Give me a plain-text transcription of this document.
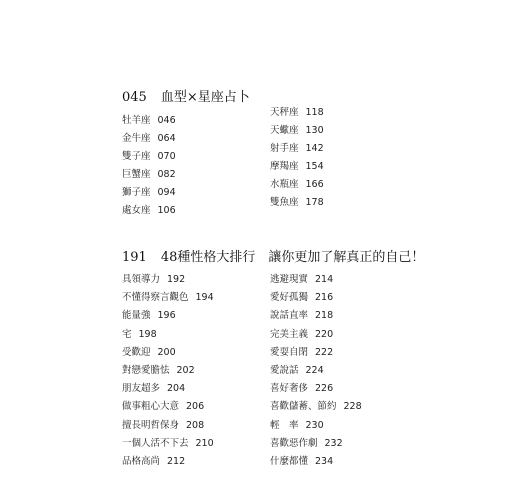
045 血型×星座占卜
牡羊座 046
金牛座 064
雙子座 070
巨蟹座 082
獅子座 094
處女座 106
天秤座 118
天蠍座 130
射手座 142
摩羯座 154
水瓶座 166
雙魚座 178
191 48種性格大排行　讓你更加了解真正的自己！
具領導力 192
不懂得察言觀色 194
能量強 196
宅 198
受歡迎 200
對戀愛膽怯 202
朋友超多 204
做事粗心大意 206
擅長明哲保身 208
一個人活不下去 210
品格高尚 212
逃避現實 214
愛好孤獨 216
說話直率 218
完美主義 220
愛耍自閉 222
愛說話 224
喜好奢侈 226
喜歡儲蓄、節約 228
輕　率 230
喜歡惡作劇 232
什麼都懂 234
